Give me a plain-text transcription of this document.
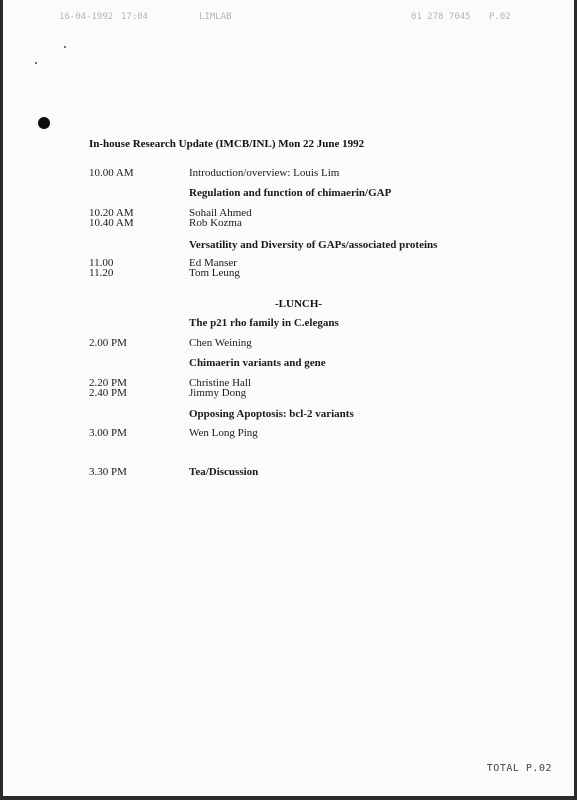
16-04-1992 17:04	LIMLAB	01 278 7045 P.02
In-house Research Update (IMCB/INL) Mon 22 June 1992
10.00 AM	Introduction/overview: Louis Lim
Regulation and function of chimaerin/GAP
10.20 AM	Sohail Ahmed
10.40 AM	Rob Kozma
Versatility and Diversity of GAPs/associated proteins
11.00	Ed Manser
11.20	Tom Leung
-LUNCH-
The p21 rho family in C.elegans
2.00 PM	Chen Weining
Chimaerin variants and gene
2.20 PM	Christine Hall
2.40 PM	Jimmy Dong
Opposing Apoptosis: bcl-2 variants
3.00 PM	Wen Long Ping
3.30 PM	Tea/Discussion
TOTAL P.02
